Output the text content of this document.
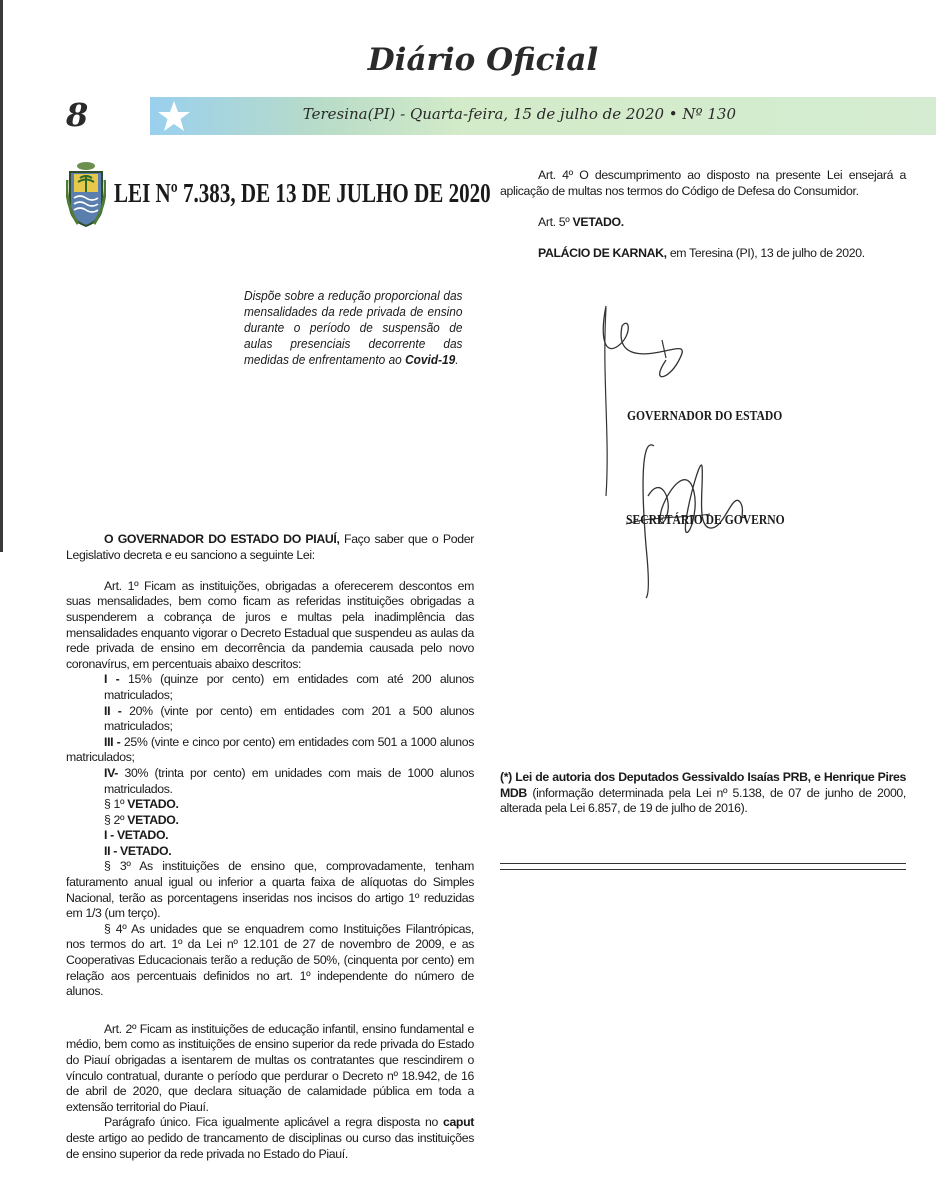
Diário Oficial
8	Teresina(PI) - Quarta-feira, 15 de julho de 2020 • Nº 130
LEI Nº 7.383, DE 13 DE JULHO DE 2020
Dispõe sobre a redução proporcional das mensalidades da rede privada de ensino durante o período de suspensão de aulas presenciais decorrente das medidas de enfrentamento ao Covid-19.

O GOVERNADOR DO ESTADO DO PIAUÍ, Faço saber que o Poder Legislativo decreta e eu sanciono a seguinte Lei:

Art. 1º Ficam as instituições, obrigadas a oferecerem descontos em suas mensalidades, bem como ficam as referidas instituições obrigadas a suspenderem a cobrança de juros e multas pela inadimplência das mensalidades enquanto vigorar o Decreto Estadual que suspendeu as aulas da rede privada de ensino em decorrência da pandemia causada pelo novo coronavírus, em percentuais abaixo descritos:

I - 15% (quinze por cento) em entidades com até 200 alunos matriculados;

II - 20% (vinte por cento) em entidades com 201 a 500 alunos matriculados;

III - 25% (vinte e cinco por cento) em entidades com 501 a 1000 alunos matriculados;

IV- 30% (trinta por cento) em unidades com mais de 1000 alunos matriculados.

§ 1º VETADO.

§ 2º VETADO.

I - VETADO.

II - VETADO.

§ 3º As instituições de ensino que, comprovadamente, tenham faturamento anual igual ou inferior a quarta faixa de alíquotas do Simples Nacional, terão as porcentagens inseridas nos incisos do artigo 1º reduzidas em 1/3 (um terço).

§ 4º As unidades que se enquadrem como Instituições Filantrópicas, nos termos do art. 1º da Lei nº 12.101 de 27 de novembro de 2009, e as Cooperativas Educacionais terão a redução de 50%, (cinquenta por cento) em relação aos percentuais definidos no art. 1º independente do número de alunos.

Art. 2º Ficam as instituições de educação infantil, ensino fundamental e médio, bem como as instituições de ensino superior da rede privada do Estado do Piauí obrigadas a isentarem de multas os contratantes que rescindirem o vínculo contratual, durante o período que perdurar o Decreto nº 18.942, de 16 de abril de 2020, que declara situação de calamidade pública em toda a extensão territorial do Piauí.

Parágrafo único. Fica igualmente aplicável a regra disposta no caput deste artigo ao pedido de trancamento de disciplinas ou curso das instituições de ensino superior da rede privada no Estado do Piauí.

Art. 4º O descumprimento ao disposto na presente Lei ensejará a aplicação de multas nos termos do Código de Defesa do Consumidor.

Art. 5º VETADO.

PALÁCIO DE KARNAK, em Teresina (PI), 13 de julho de 2020.

GOVERNADOR DO ESTADO
SECRETÁRIO DE GOVERNO
(*) Lei de autoria dos Deputados Gessivaldo Isaías PRB, e Henrique Pires MDB (informação determinada pela Lei nº 5.138, de 07 de junho de 2000, alterada pela Lei 6.857, de 19 de julho de 2016).
